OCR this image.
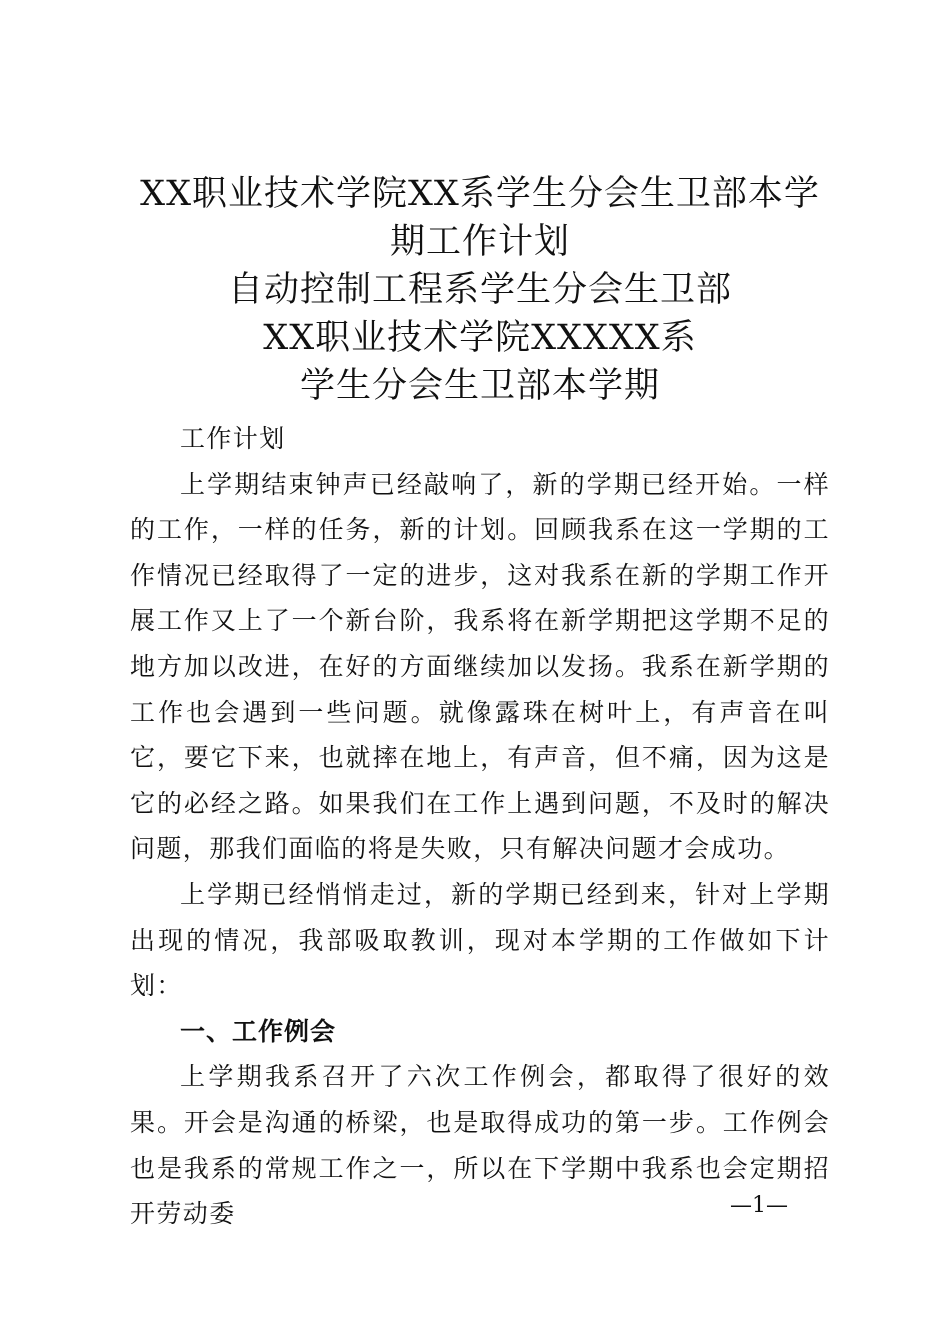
XX职业技术学院XX系学生分会生卫部本学
期工作计划
自动控制工程系学生分会生卫部
XX职业技术学院XXXXX系
学生分会生卫部本学期

工作计划

上学期结束钟声已经敲响了，新的学期已经开始。一样的工作，一样的任务，新的计划。回顾我系在这一学期的工作情况已经取得了一定的进步，这对我系在新的学期工作开展工作又上了一个新台阶，我系将在新学期把这学期不足的地方加以改进，在好的方面继续加以发扬。我系在新学期的工作也会遇到一些问题。就像露珠在树叶上，有声音在叫它，要它下来，也就摔在地上，有声音，但不痛，因为这是它的必经之路。如果我们在工作上遇到问题，不及时的解决问题，那我们面临的将是失败，只有解决问题才会成功。

上学期已经悄悄走过，新的学期已经到来，针对上学期出现的情况，我部吸取教训，现对本学期的工作做如下计划：

一、工作例会

上学期我系召开了六次工作例会，都取得了很好的效果。开会是沟通的桥梁，也是取得成功的第一步。工作例会也是我系的常规工作之一，所以在下学期中我系也会定期招开劳动委	—1—
